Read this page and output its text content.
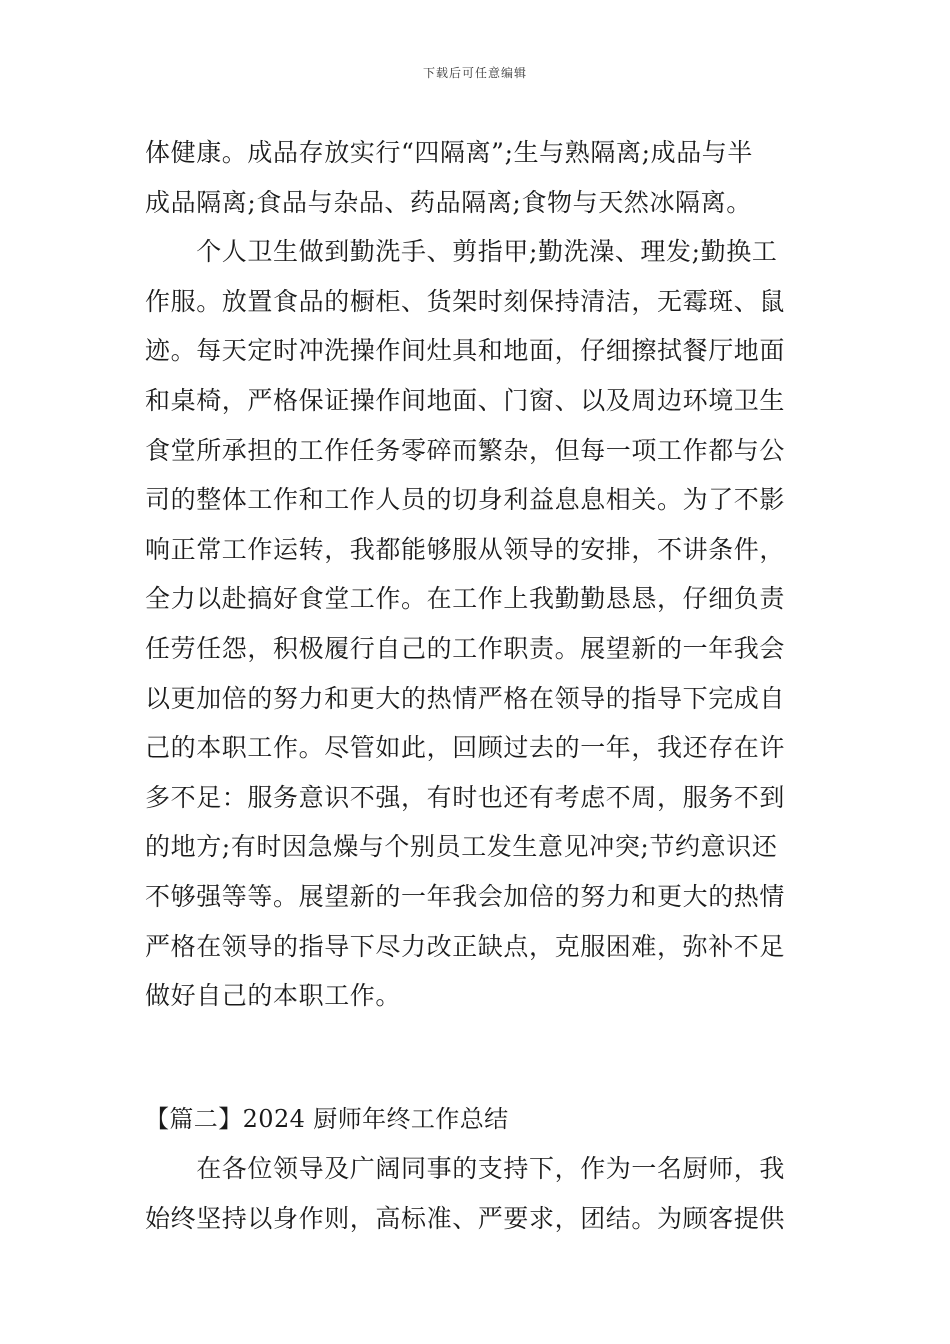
下载后可任意编辑
体健康。成品存放实行“四隔离”;生与熟隔离;成品与半
成品隔离;食品与杂品、药品隔离;食物与天然冰隔离。
　　个人卫生做到勤洗手、剪指甲;勤洗澡、理发;勤换工
作服。放置食品的橱柜、货架时刻保持清洁，无霉斑、鼠
迹。每天定时冲洗操作间灶具和地面，仔细擦拭餐厅地面
和桌椅，严格保证操作间地面、门窗、以及周边环境卫生
食堂所承担的工作任务零碎而繁杂，但每一项工作都与公
司的整体工作和工作人员的切身利益息息相关。为了不影
响正常工作运转，我都能够服从领导的安排，不讲条件，
全力以赴搞好食堂工作。在工作上我勤勤恳恳，仔细负责
任劳任怨，积极履行自己的工作职责。展望新的一年我会
以更加倍的努力和更大的热情严格在领导的指导下完成自
己的本职工作。尽管如此，回顾过去的一年，我还存在许
多不足：服务意识不强，有时也还有考虑不周，服务不到
的地方;有时因急燥与个别员工发生意见冲突;节约意识还
不够强等等。展望新的一年我会加倍的努力和更大的热情
严格在领导的指导下尽力改正缺点，克服困难，弥补不足
做好自己的本职工作。
【篇二】2024 厨师年终工作总结
　　在各位领导及广阔同事的支持下，作为一名厨师，我
始终坚持以身作则，高标准、严要求，团结。为顾客提供
